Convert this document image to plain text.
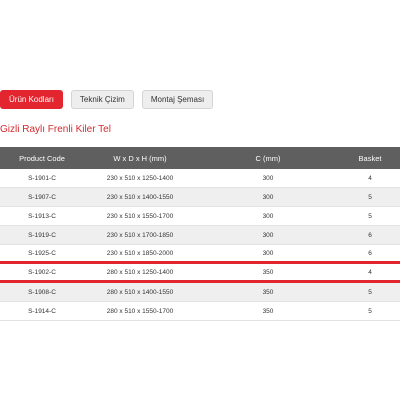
Ürün Kodları	Teknik Çizim	Montaj Şeması
Gizli Raylı Frenli Kiler Tel
Product Code	W x D x H (mm)	C (mm)	Basket
S-1901-C	230 x 510 x 1250-1400	300	4
S-1907-C	230 x 510 x 1400-1550	300	5
S-1913-C	230 x 510 x 1550-1700	300	5
S-1919-C	230 x 510 x 1700-1850	300	6
S-1925-C	230 x 510 x 1850-2000	300	6
S-1902-C	280 x 510 x 1250-1400	350	4
S-1908-C	280 x 510 x 1400-1550	350	5
S-1914-C	280 x 510 x 1550-1700	350	5
